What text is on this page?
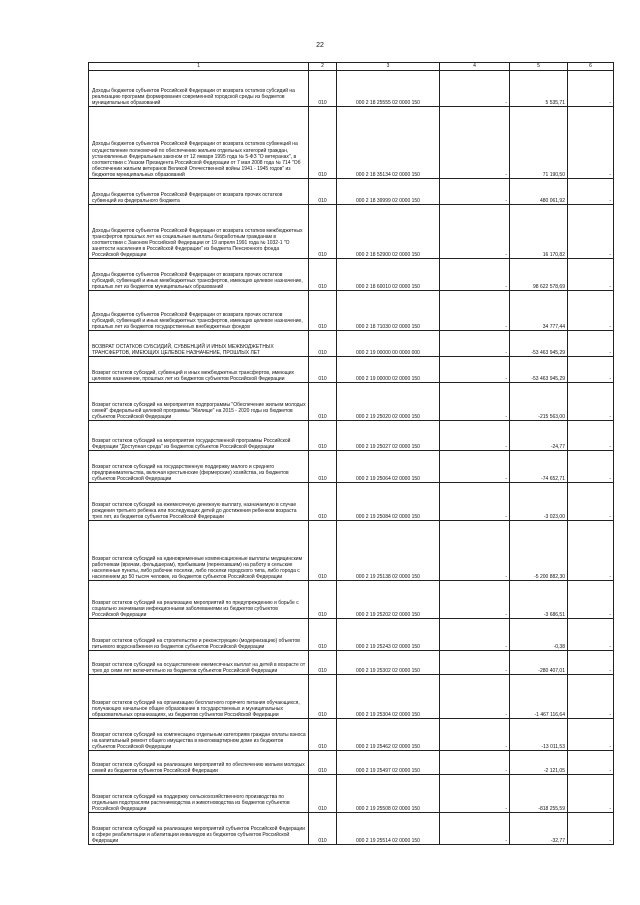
22
1	2	3	4	5	6
Доходы бюджетов субъектов Российской Федерации от возврата остатков субсидий на реализацию программ формирования современной городской среды из бюджетов муниципальных образований	010	000 2 18 25555 02 0000 150	-	5 535,71	-
Доходы бюджетов субъектов Российской Федерации от возврата остатков субвенций на осуществление полномочий по обеспечению жильем отдельных категорий граждан, установленных Федеральным законом от 12 января 1995 года № 5-ФЗ "О ветеранах", в соответствии с Указом Президента Российской Федерации от 7 мая 2008 года № 714 "Об обеспечении жильем ветеранов Великой Отечественной войны 1941 - 1945 годов" из бюджетов муниципальных образований	010	000 2 18 35134 02 0000 150	-	71 190,50	-
Доходы бюджетов субъектов Российской Федерации от возврата прочих остатков субвенций из федерального бюджета	010	000 2 18 39999 02 0000 150	-	480 061,92	-
Доходы бюджетов субъектов Российской Федерации от возврата остатков межбюджетных трансфертов прошлых лет на социальные выплаты безработным гражданам в соответствии с Законом Российской Федерации от 19 апреля 1991 года № 1032-1 "О занятости населения в Российской Федерации" из бюджета Пенсионного фонда Российской Федерации	010	000 2 18 52900 02 0000 150	-	16 170,82	-
Доходы бюджетов субъектов Российской Федерации от возврата прочих остатков субсидий, субвенций и иных межбюджетных трансфертов, имеющих целевое назначение, прошлых лет из бюджетов муниципальных образований	010	000 2 18 60010 02 0000 150	-	98 622 578,69	-
Доходы бюджетов субъектов Российской Федерации от возврата прочих остатков субсидий, субвенций и иных межбюджетных трансфертов, имеющих целевое назначение, прошлых лет из бюджетов государственных внебюджетных фондов	010	000 2 18 71030 02 0000 150	-	34 777,44	-
ВОЗВРАТ ОСТАТКОВ СУБСИДИЙ, СУБВЕНЦИЙ И ИНЫХ МЕЖБЮДЖЕТНЫХ ТРАНСФЕРТОВ, ИМЕЮЩИХ ЦЕЛЕВОЕ НАЗНАЧЕНИЕ, ПРОШЛЫХ ЛЕТ	010	000 2 19 00000 00 0000 000	-	-53 463 945,29	-
Возврат остатков субсидий, субвенций и иных межбюджетных трансфертов, имеющих целевое назначение, прошлых лет из бюджетов субъектов Российской Федерации	010	000 2 19 00000 02 0000 150	-	-53 463 945,29	-
Возврат остатков субсидий на мероприятия подпрограммы "Обеспечение жильем молодых семей" федеральной целевой программы "Жилище" на 2015 - 2020 годы из бюджетов субъектов Российской Федерации	010	000 2 19 25020 02 0000 150	-	-215 563,00	-
Возврат остатков субсидий на мероприятия государственной программы Российской Федерации "Доступная среда" из бюджетов субъектов Российской Федерации	010	000 2 19 25027 02 0000 150	-	-24,77	-
Возврат остатков субсидий на государственную поддержку малого и среднего предпринимательства, включая крестьянские (фермерские) хозяйства, из бюджетов субъектов Российской Федерации	010	000 2 19 25064 02 0000 150	-	-74 652,71	-
Возврат остатков субсидий на ежемесячную денежную выплату, назначаемую в случае рождения третьего ребенка или последующих детей до достижения ребенком возраста трех лет, из бюджетов субъектов Российской Федерации	010	000 2 19 25084 02 0000 150	-	-3 023,00	-
Возврат остатков субсидий на единовременные компенсационные выплаты медицинским работникам (врачам, фельдшерам), прибывшим (переехавшим) на работу в сельские населенные пункты, либо рабочие поселки, либо поселки городского типа, либо города с населением до 50 тысяч человек, из бюджетов субъектов Российской Федерации	010	000 2 19 25138 02 0000 150	-	-5 200 882,30	-
Возврат остатков субсидий на реализацию мероприятий по предупреждению и борьбе с социально значимыми инфекционными заболеваниями из бюджетов субъектов Российской Федерации	010	000 2 19 25202 02 0000 150	-	-3 686,51	-
Возврат остатков субсидий на строительство и реконструкцию (модернизацию) объектов питьевого водоснабжения из бюджетов субъектов Российской Федерации	010	000 2 19 25243 02 0000 150	-	-0,38	-
Возврат остатков субсидий на осуществление ежемесячных выплат на детей в возрасте от трех до семи лет включительно из бюджетов субъектов Российской Федерации	010	000 2 19 25302 02 0000 150	-	-280 407,01	-
Возврат остатков субсидий на организацию бесплатного горячего питания обучающихся, получающих начальное общее образование в государственных и муниципальных образовательных организациях, из бюджетов субъектов Российской Федерации	010	000 2 19 25304 02 0000 150	-	-1 467 116,64	-
Возврат остатков субсидий на компенсацию отдельным категориям граждан оплаты взноса на капитальный ремонт общего имущества в многоквартирном доме из бюджетов субъектов Российской Федерации	010	000 2 19 25462 02 0000 150	-	-13 011,53	-
Возврат остатков субсидий на реализацию мероприятий по обеспечению жильем молодых семей из бюджетов субъектов Российской Федерации	010	000 2 19 25497 02 0000 150	-	-2 121,05	-
Возврат остатков субсидий на поддержку сельскохозяйственного производства по отдельным подотраслям растениеводства и животноводства из бюджетов субъектов Российской Федерации	010	000 2 19 25508 02 0000 150	-	-818 255,59	-
Возврат остатков субсидий на реализацию мероприятий субъектов Российской Федерации в сфере реабилитации и абилитации инвалидов из бюджетов субъектов Российской Федерации	010	000 2 19 25514 02 0000 150	-	-32,77	-
